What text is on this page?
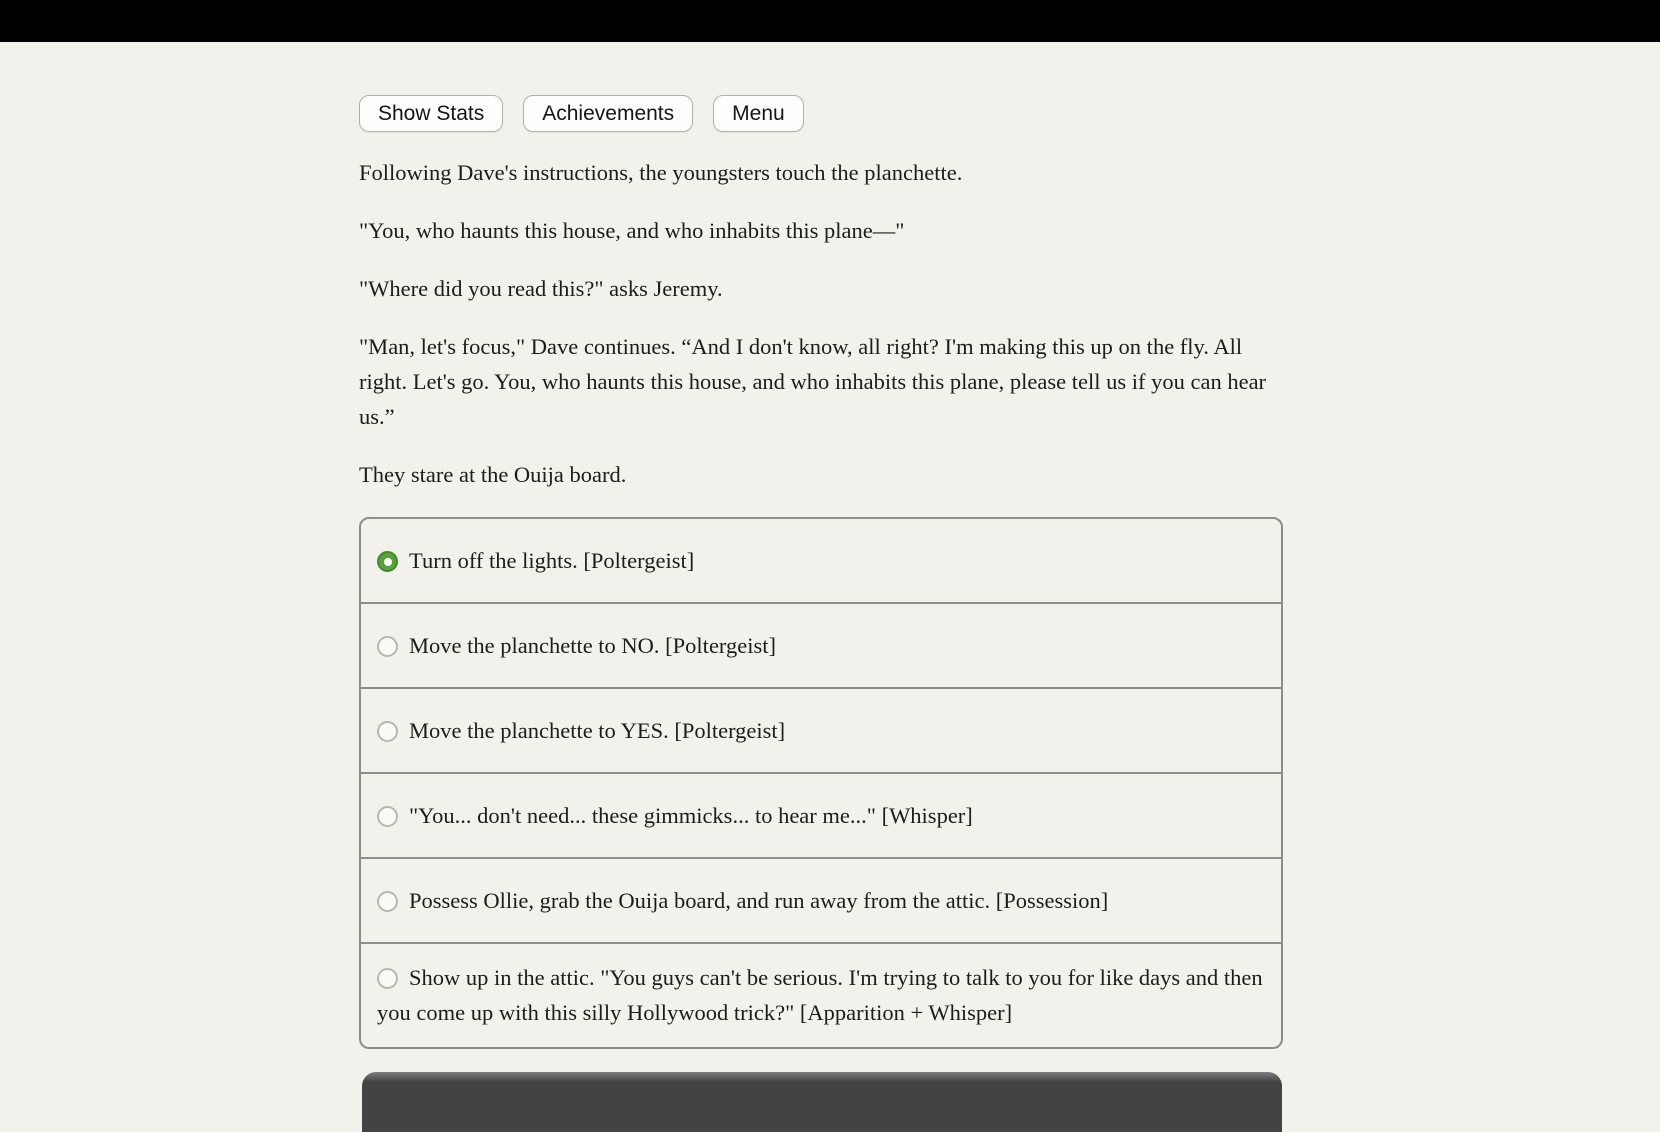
Show Stats	Achievements	Menu

Following Dave's instructions, the youngsters touch the planchette.

"You, who haunts this house, and who inhabits this plane—"

"Where did you read this?" asks Jeremy.

"Man, let's focus," Dave continues. “And I don't know, all right? I'm making this up on the fly. All right. Let's go. You, who haunts this house, and who inhabits this plane, please tell us if you can hear us.”

They stare at the Ouija board.

Turn off the lights. [Poltergeist]
Move the planchette to NO. [Poltergeist]
Move the planchette to YES. [Poltergeist]
"You... don't need... these gimmicks... to hear me..." [Whisper]
Possess Ollie, grab the Ouija board, and run away from the attic. [Possession]
Show up in the attic. "You guys can't be serious. I'm trying to talk to you for like days and then you come up with this silly Hollywood trick?" [Apparition + Whisper]
